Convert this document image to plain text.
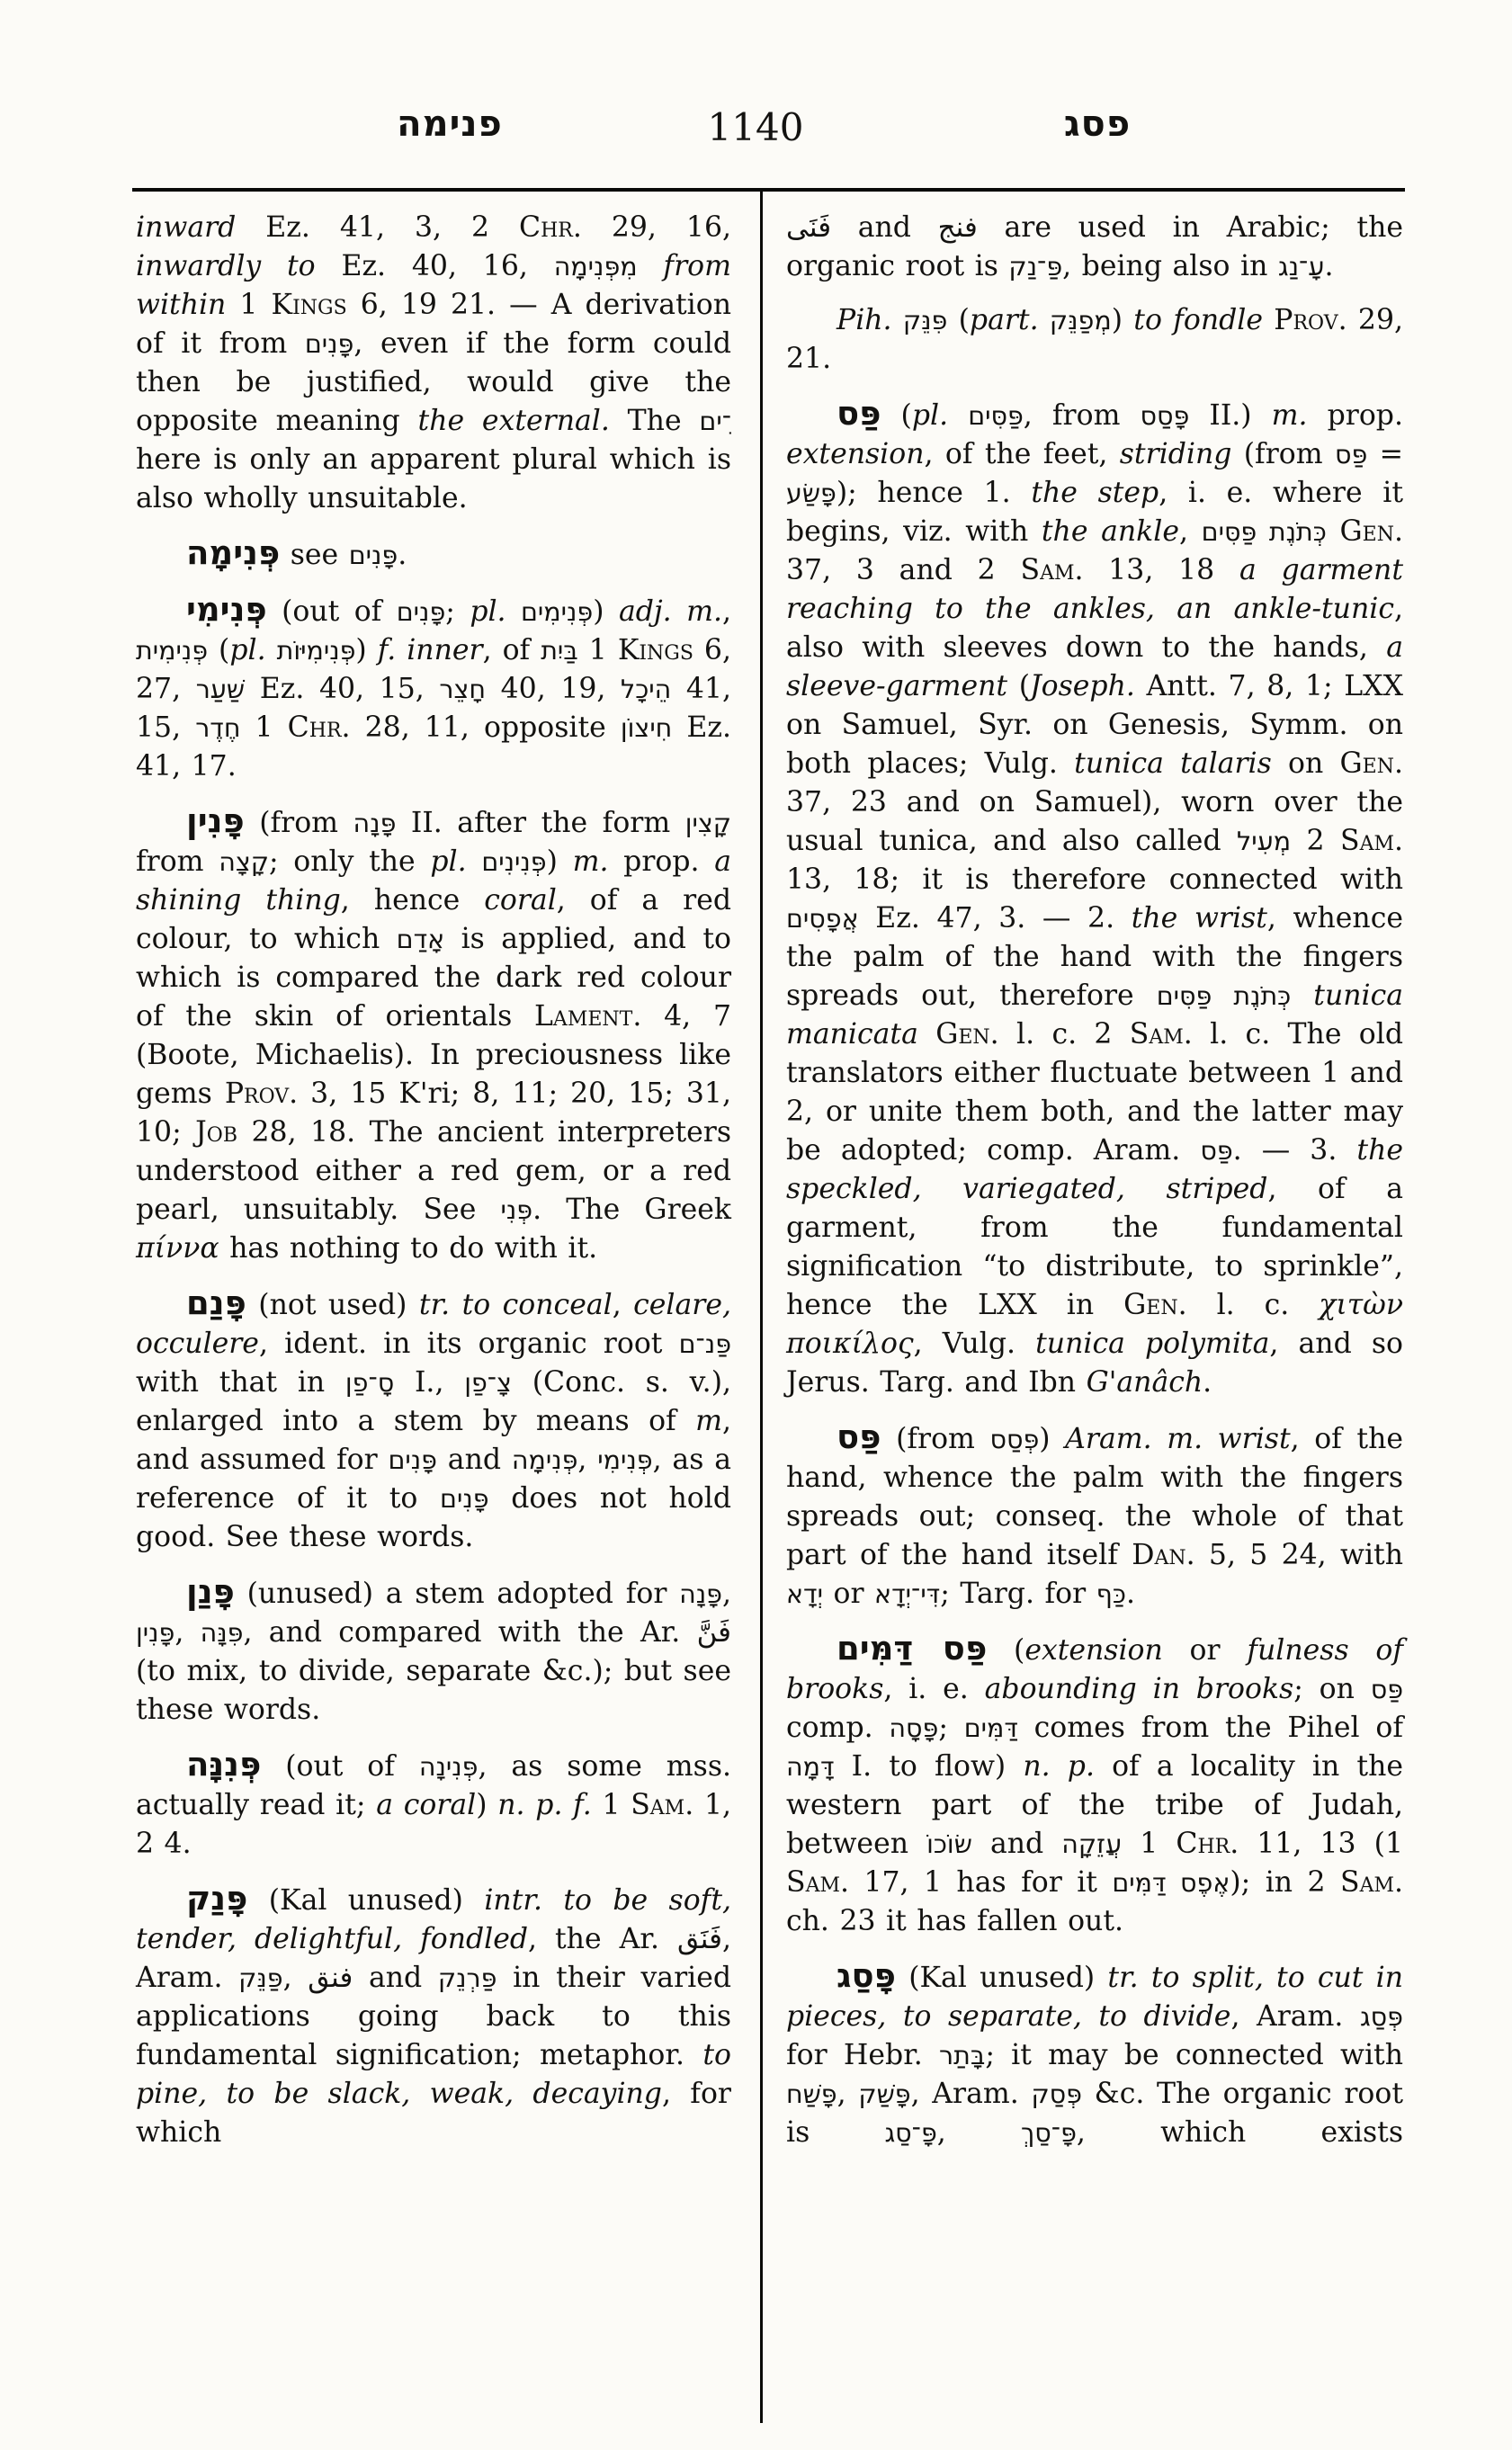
פנימה	1140	פסג

inward Ez. 41, 3, 2 Chr. 29, 16, inwardly to Ez. 40, 16, מִפְּנִימָה from within 1 Kings 6, 19 21. — A derivation of it from פָּנִים, even if the form could then be justified, would give the opposite meaning the external. The ־ִים here is only an apparent plural which is also wholly unsuitable.

פְּנִימָה see פָּנִים.

פְּנִימִי (out of פָּנִים; pl. פְּנִימִים) adj. m., פְּנִימִית (pl. פְּנִימִיּוֹת) f. inner, of בַּיִת 1 Kings 6, 27, שַׁעַר Ez. 40, 15, חָצֵר 40, 19, הֵיכָל 41, 15, חֶדֶר 1 Chr. 28, 11, opposite חִיצוֹן Ez. 41, 17.

פָּנִין (from פָּנָה II. after the form קָצִין from קָצָה; only the pl. פְּנִינִים) m. prop. a shining thing, hence coral, of a red colour, to which אָדַם is applied, and to which is compared the dark red colour of the skin of orientals Lament. 4, 7 (Boote, Michaelis). In preciousness like gems Prov. 3, 15 K'ri; 8, 11; 20, 15; 31, 10; Job 28, 18. The ancient interpreters understood either a red gem, or a red pearl, unsuitably. See פְּנִי. The Greek πίννα has nothing to do with it.

פָּנַם (not used) tr. to conceal, celare, occulere, ident. in its organic root פַּנ־ם with that in סָ־פַן I., צָ־פַן (Conc. s. v.), enlarged into a stem by means of m, and assumed for פָּנִים and פְּנִימָה, פְּנִימִי, as a reference of it to פָּנִים does not hold good. See these words.

פָּנַן (unused) a stem adopted for פָּנָה, פָּנִין, פִּנָּה, and compared with the Ar. فَنَّ (to mix, to divide, separate &c.); but see these words.

פְּנִנָּה (out of פְּנִינָה, as some mss. actually read it; a coral) n. p. f. 1 Sam. 1, 2 4.

פָּנַק (Kal unused) intr. to be soft, tender, delightful, fondled, the Ar. فَنَق, Aram. פַּנֵּק, فنق and פַּרְנֵק in their varied applications going back to this fundamental signification; metaphor. to pine, to be slack, weak, decaying, for which

فَنَى and فنج are used in Arabic; the organic root is פַּ־נַק, being also in עָ־נַג.

Pih. פִּנֵּק (part. מְפַנֵּק) to fondle Prov. 29, 21.

פַּס (pl. פַּסִּים, from פָּסַס II.) m. prop. extension, of the feet, striding (from פַּס = פָּשַׂע); hence 1. the step, i. e. where it begins, viz. with the ankle, כְּתֹנֶת פַּסִּים Gen. 37, 3 and 2 Sam. 13, 18 a garment reaching to the ankles, an ankle-tunic, also with sleeves down to the hands, a sleeve-garment (Joseph. Antt. 7, 8, 1; LXX on Samuel, Syr. on Genesis, Symm. on both places; Vulg. tunica talaris on Gen. 37, 23 and on Samuel), worn over the usual tunica, and also called מְעִיל 2 Sam. 13, 18; it is therefore connected with אֲפָסִים Ez. 47, 3. — 2. the wrist, whence the palm of the hand with the fingers spreads out, therefore כְּתֹנֶת פַּסִּים tunica manicata Gen. l. c. 2 Sam. l. c. The old translators either fluctuate between 1 and 2, or unite them both, and the latter may be adopted; comp. Aram. פַּס. — 3. the speckled, variegated, striped, of a garment, from the fundamental signification “to distribute, to sprinkle”, hence the LXX in Gen. l. c. χιτὼν ποικίλος, Vulg. tunica polymita, and so Jerus. Targ. and Ibn G'anâch.

פַּס (from פְּסַס) Aram. m. wrist, of the hand, whence the palm with the fingers spreads out; conseq. the whole of that part of the hand itself Dan. 5, 5 24, with יְדָא or דִּי־יְדָא; Targ. for כַּף.

פַּס דַּמִּים (extension or fulness of brooks, i. e. abounding in brooks; on פַּס comp. פָּסָה; דַּמִּים comes from the Pihel of דָּמָה I. to flow) n. p. of a locality in the western part of the tribe of Judah, between שׂוֹכוֹ and עֲזֵקָה 1 Chr. 11, 13 (1 Sam. 17, 1 has for it אֶפֶס דַּמִּים); in 2 Sam. ch. 23 it has fallen out.

פָּסַג (Kal unused) tr. to split, to cut in pieces, to separate, to divide, Aram. פְּסַג for Hebr. בָּתַר; it may be connected with פָּשַׁח, פָּשַׁק, Aram. פְּסַק &c. The organic root is פָּ־סַג, פָּ־סַךְ, which exists
